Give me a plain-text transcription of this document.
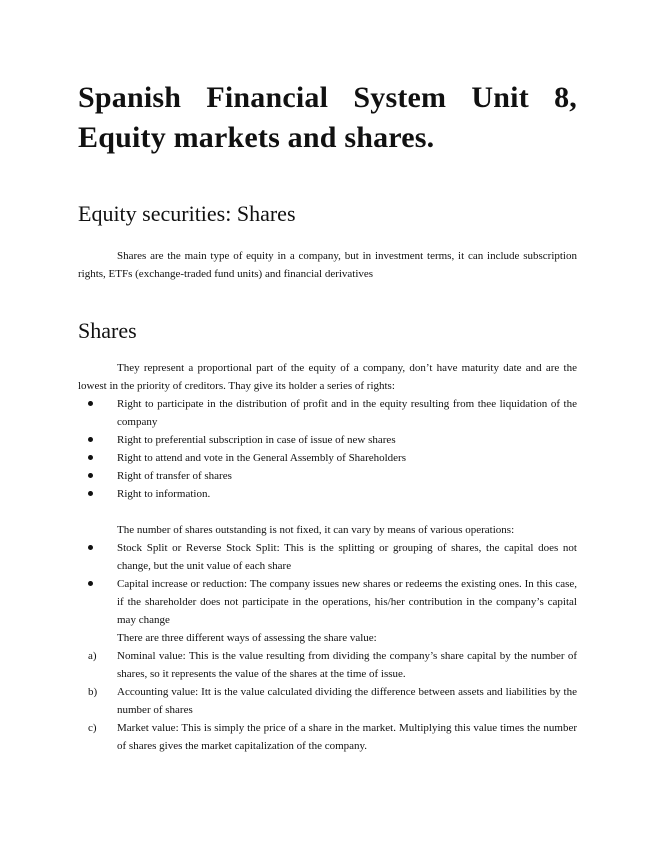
Spanish Financial System Unit 8, Equity markets and shares.
Equity securities: Shares

Shares are the main type of equity in a company, but in investment terms, it can include subscription rights, ETFs (exchange-traded fund units) and financial derivatives

Shares

They represent a proportional part of the equity of a company, don’t have maturity date and are the lowest in the priority of creditors. Thay give its holder a series of rights:

Right to participate in the distribution of profit and in the equity resulting from thee liquidation of the company
Right to preferential subscription in case of issue of new shares
Right to attend and vote in the General Assembly of Shareholders
Right of transfer of shares
Right to information.

The number of shares outstanding is not fixed, it can vary by means of various operations:

Stock Split or Reverse Stock Split: This is the splitting or grouping of shares, the capital does not change, but the unit value of each share
Capital increase or reduction: The company issues new shares or redeems the existing ones. In this case, if the shareholder does not participate in the operations, his/her contribution in the company’s capital may change
There are three different ways of assessing the share value:
a)	Nominal value: This is the value resulting from dividing the company’s share capital by the number of shares, so it represents the value of the shares at the time of issue.
b)	Accounting value: Itt is the value calculated dividing the difference between assets and liabilities by the number of shares
c)	Market value: This is simply the price of a share in the market. Multiplying this value times the number of shares gives the market capitalization of the company.
